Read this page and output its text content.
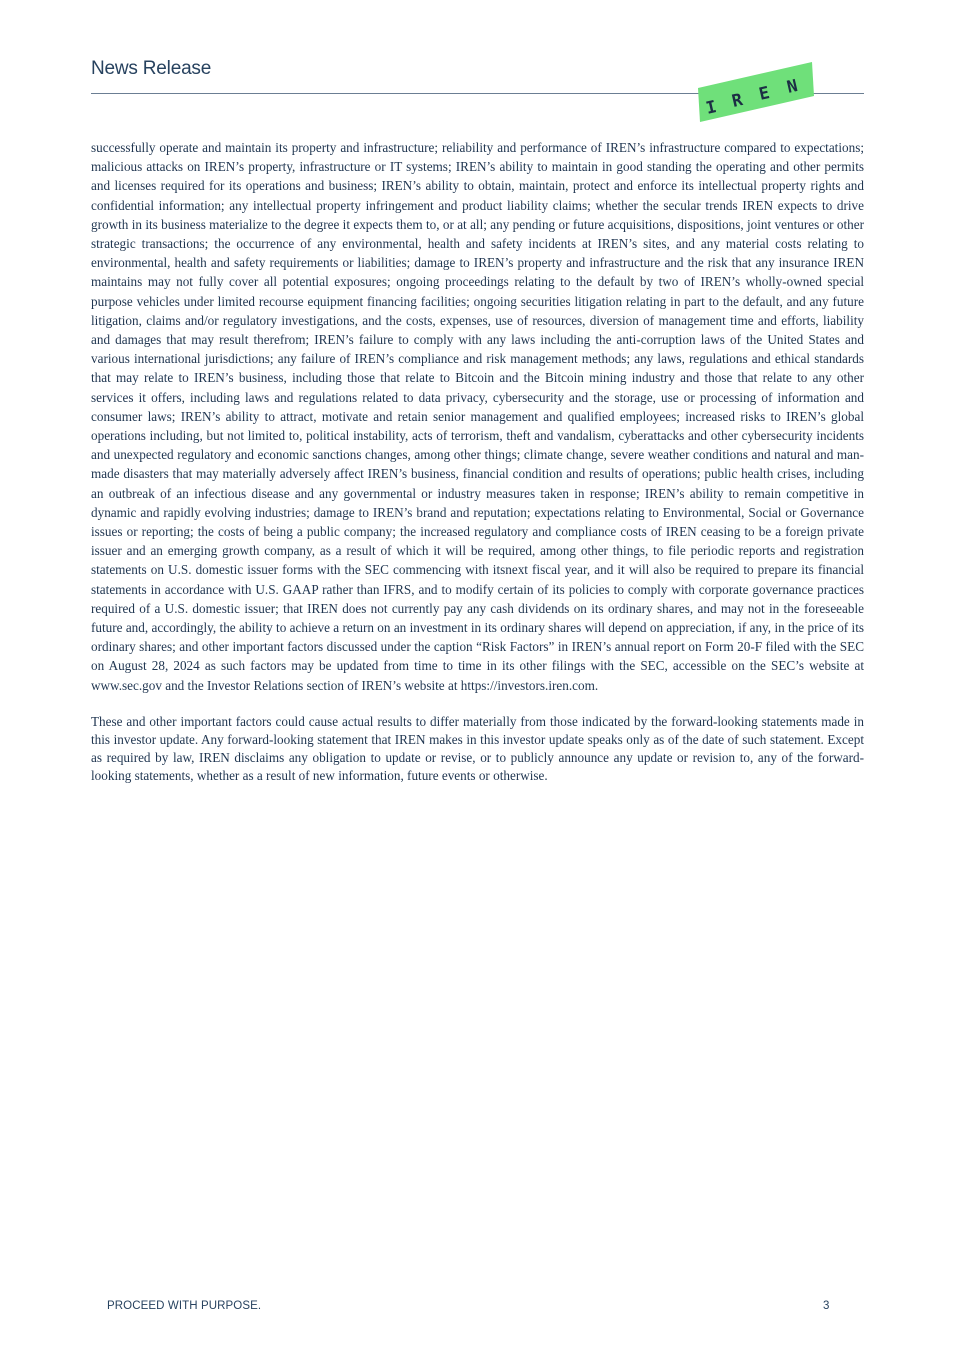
News Release
I R E N

successfully operate and maintain its property and infrastructure; reliability and performance of IREN’s infrastructure compared to expectations; malicious attacks on IREN’s property, infrastructure or IT systems; IREN’s ability to maintain in good standing the operating and other permits and licenses required for its operations and business; IREN’s ability to obtain, maintain, protect and enforce its intellectual property rights and confidential information; any intellectual property infringement and product liability claims; whether the secular trends IREN expects to drive growth in its business materialize to the degree it expects them to, or at all; any pending or future acquisitions, dispositions, joint ventures or other strategic transactions; the occurrence of any environmental, health and safety incidents at IREN’s sites, and any material costs relating to environmental, health and safety requirements or liabilities; damage to IREN’s property and infrastructure and the risk that any insurance IREN maintains may not fully cover all potential exposures; ongoing proceedings relating to the default by two of IREN’s wholly-owned special purpose vehicles under limited recourse equipment financing facilities; ongoing securities litigation relating in part to the default, and any future litigation, claims and/or regulatory investigations, and the costs, expenses, use of resources, diversion of management time and efforts, liability and damages that may result therefrom; IREN’s failure to comply with any laws including the anti-corruption laws of the United States and various international jurisdictions; any failure of IREN’s compliance and risk management methods; any laws, regulations and ethical standards that may relate to IREN’s business, including those that relate to Bitcoin and the Bitcoin mining industry and those that relate to any other services it offers, including laws and regulations related to data privacy, cybersecurity and the storage, use or processing of information and consumer laws; IREN’s ability to attract, motivate and retain senior management and qualified employees; increased risks to IREN’s global operations including, but not limited to, political instability, acts of terrorism, theft and vandalism, cyberattacks and other cybersecurity incidents and unexpected regulatory and economic sanctions changes, among other things; climate change, severe weather conditions and natural and man-made disasters that may materially adversely affect IREN’s business, financial condition and results of operations; public health crises, including an outbreak of an infectious disease and any governmental or industry measures taken in response; IREN’s ability to remain competitive in dynamic and rapidly evolving industries; damage to IREN’s brand and reputation; expectations relating to Environmental, Social or Governance issues or reporting; the costs of being a public company; the increased regulatory and compliance costs of IREN ceasing to be a foreign private issuer and an emerging growth company, as a result of which it will be required, among other things, to file periodic reports and registration statements on U.S. domestic issuer forms with the SEC commencing with itsnext fiscal year, and it will also be required to prepare its financial statements in accordance with U.S. GAAP rather than IFRS, and to modify certain of its policies to comply with corporate governance practices required of a U.S. domestic issuer; that IREN does not currently pay any cash dividends on its ordinary shares, and may not in the foreseeable future and, accordingly, the ability to achieve a return on an investment in its ordinary shares will depend on appreciation, if any, in the price of its ordinary shares; and other important factors discussed under the caption “Risk Factors” in IREN’s annual report on Form 20-F filed with the SEC on August 28, 2024 as such factors may be updated from time to time in its other filings with the SEC, accessible on the SEC’s website at www.sec.gov and the Investor Relations section of IREN’s website at https://investors.iren.com.

These and other important factors could cause actual results to differ materially from those indicated by the forward-looking statements made in this investor update. Any forward-looking statement that IREN makes in this investor update speaks only as of the date of such statement. Except as required by law, IREN disclaims any obligation to update or revise, or to publicly announce any update or revision to, any of the forward-looking statements, whether as a result of new information, future events or otherwise.

PROCEED WITH PURPOSE.	3
